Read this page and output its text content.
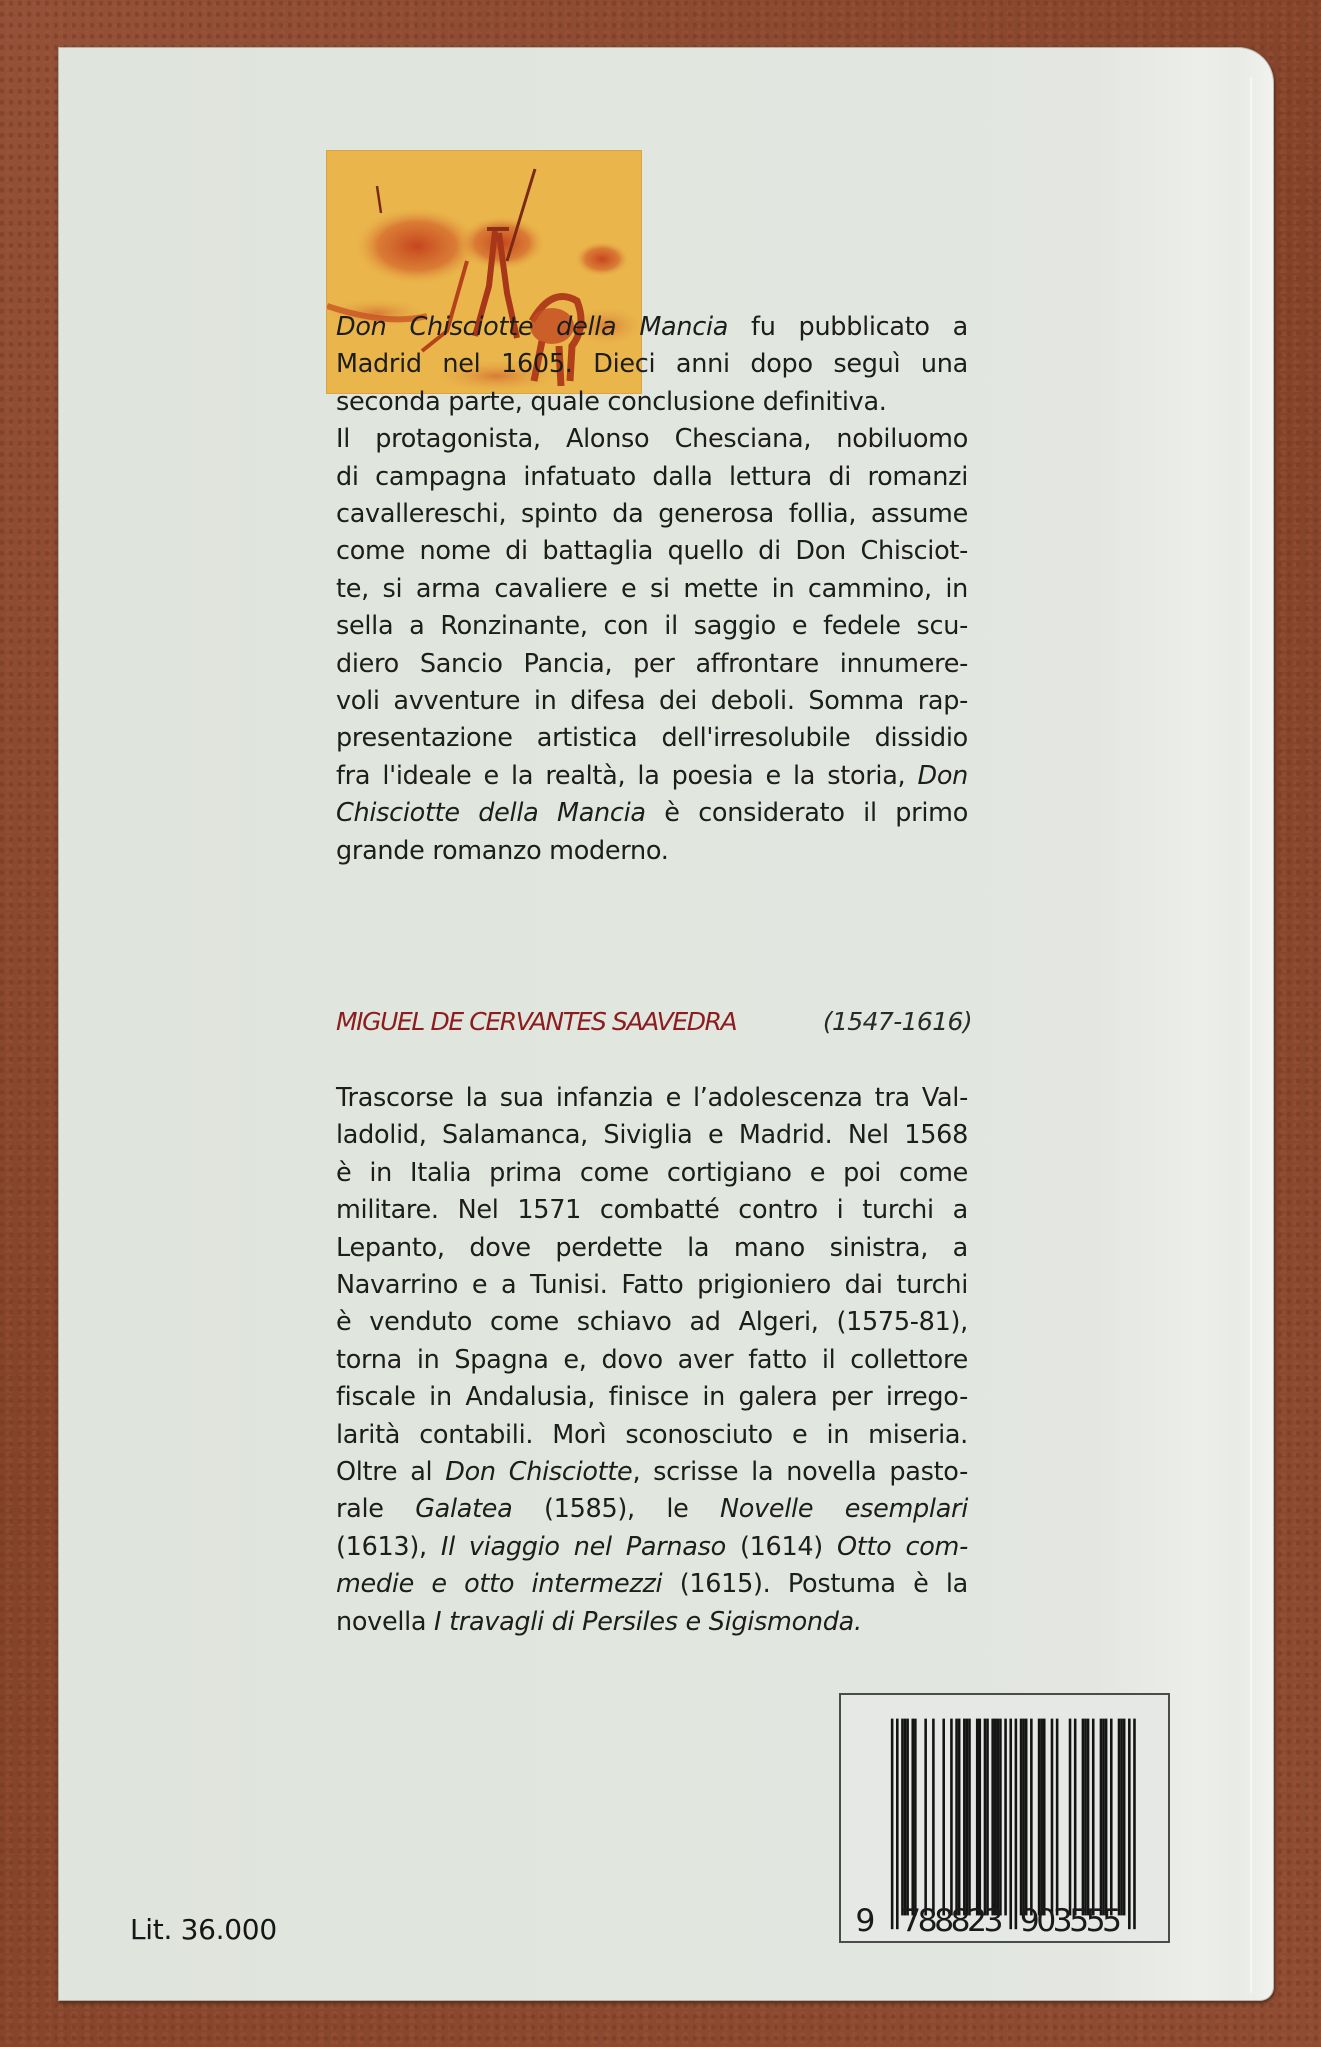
Don Chisciotte della Mancia fu pubblicato a
Madrid nel 1605. Dieci anni dopo seguì una
seconda parte, quale conclusione definitiva.
Il protagonista, Alonso Chesciana, nobiluomo
di campagna infatuato dalla lettura di romanzi
cavallereschi, spinto da generosa follia, assume
come nome di battaglia quello di Don Chisciot-
te, si arma cavaliere e si mette in cammino, in
sella a Ronzinante, con il saggio e fedele scu-
diero Sancio Pancia, per affrontare innumere-
voli avventure in difesa dei deboli. Somma rap-
presentazione artistica dell'irresolubile dissidio
fra l'ideale e la realtà, la poesia e la storia, Don
Chisciotte della Mancia è considerato il primo
grande romanzo moderno.
MIGUEL DE CERVANTES SAAVEDRA	(1547-1616)
Trascorse la sua infanzia e l’adolescenza tra Val-
ladolid, Salamanca, Siviglia e Madrid. Nel 1568
è in Italia prima come cortigiano e poi come
militare. Nel 1571 combatté contro i turchi a
Lepanto, dove perdette la mano sinistra, a
Navarrino e a Tunisi. Fatto prigioniero dai turchi
è venduto come schiavo ad Algeri, (1575-81),
torna in Spagna e, dovo aver fatto il collettore
fiscale in Andalusia, finisce in galera per irrego-
larità contabili. Morì sconosciuto e in miseria.
Oltre al Don Chisciotte, scrisse la novella pasto-
rale Galatea (1585), le Novelle esemplari
(1613), Il viaggio nel Parnaso (1614) Otto com-
medie e otto intermezzi (1615). Postuma è la
novella I travagli di Persiles e Sigismonda.
Lit. 36.000	9 788823 903555
